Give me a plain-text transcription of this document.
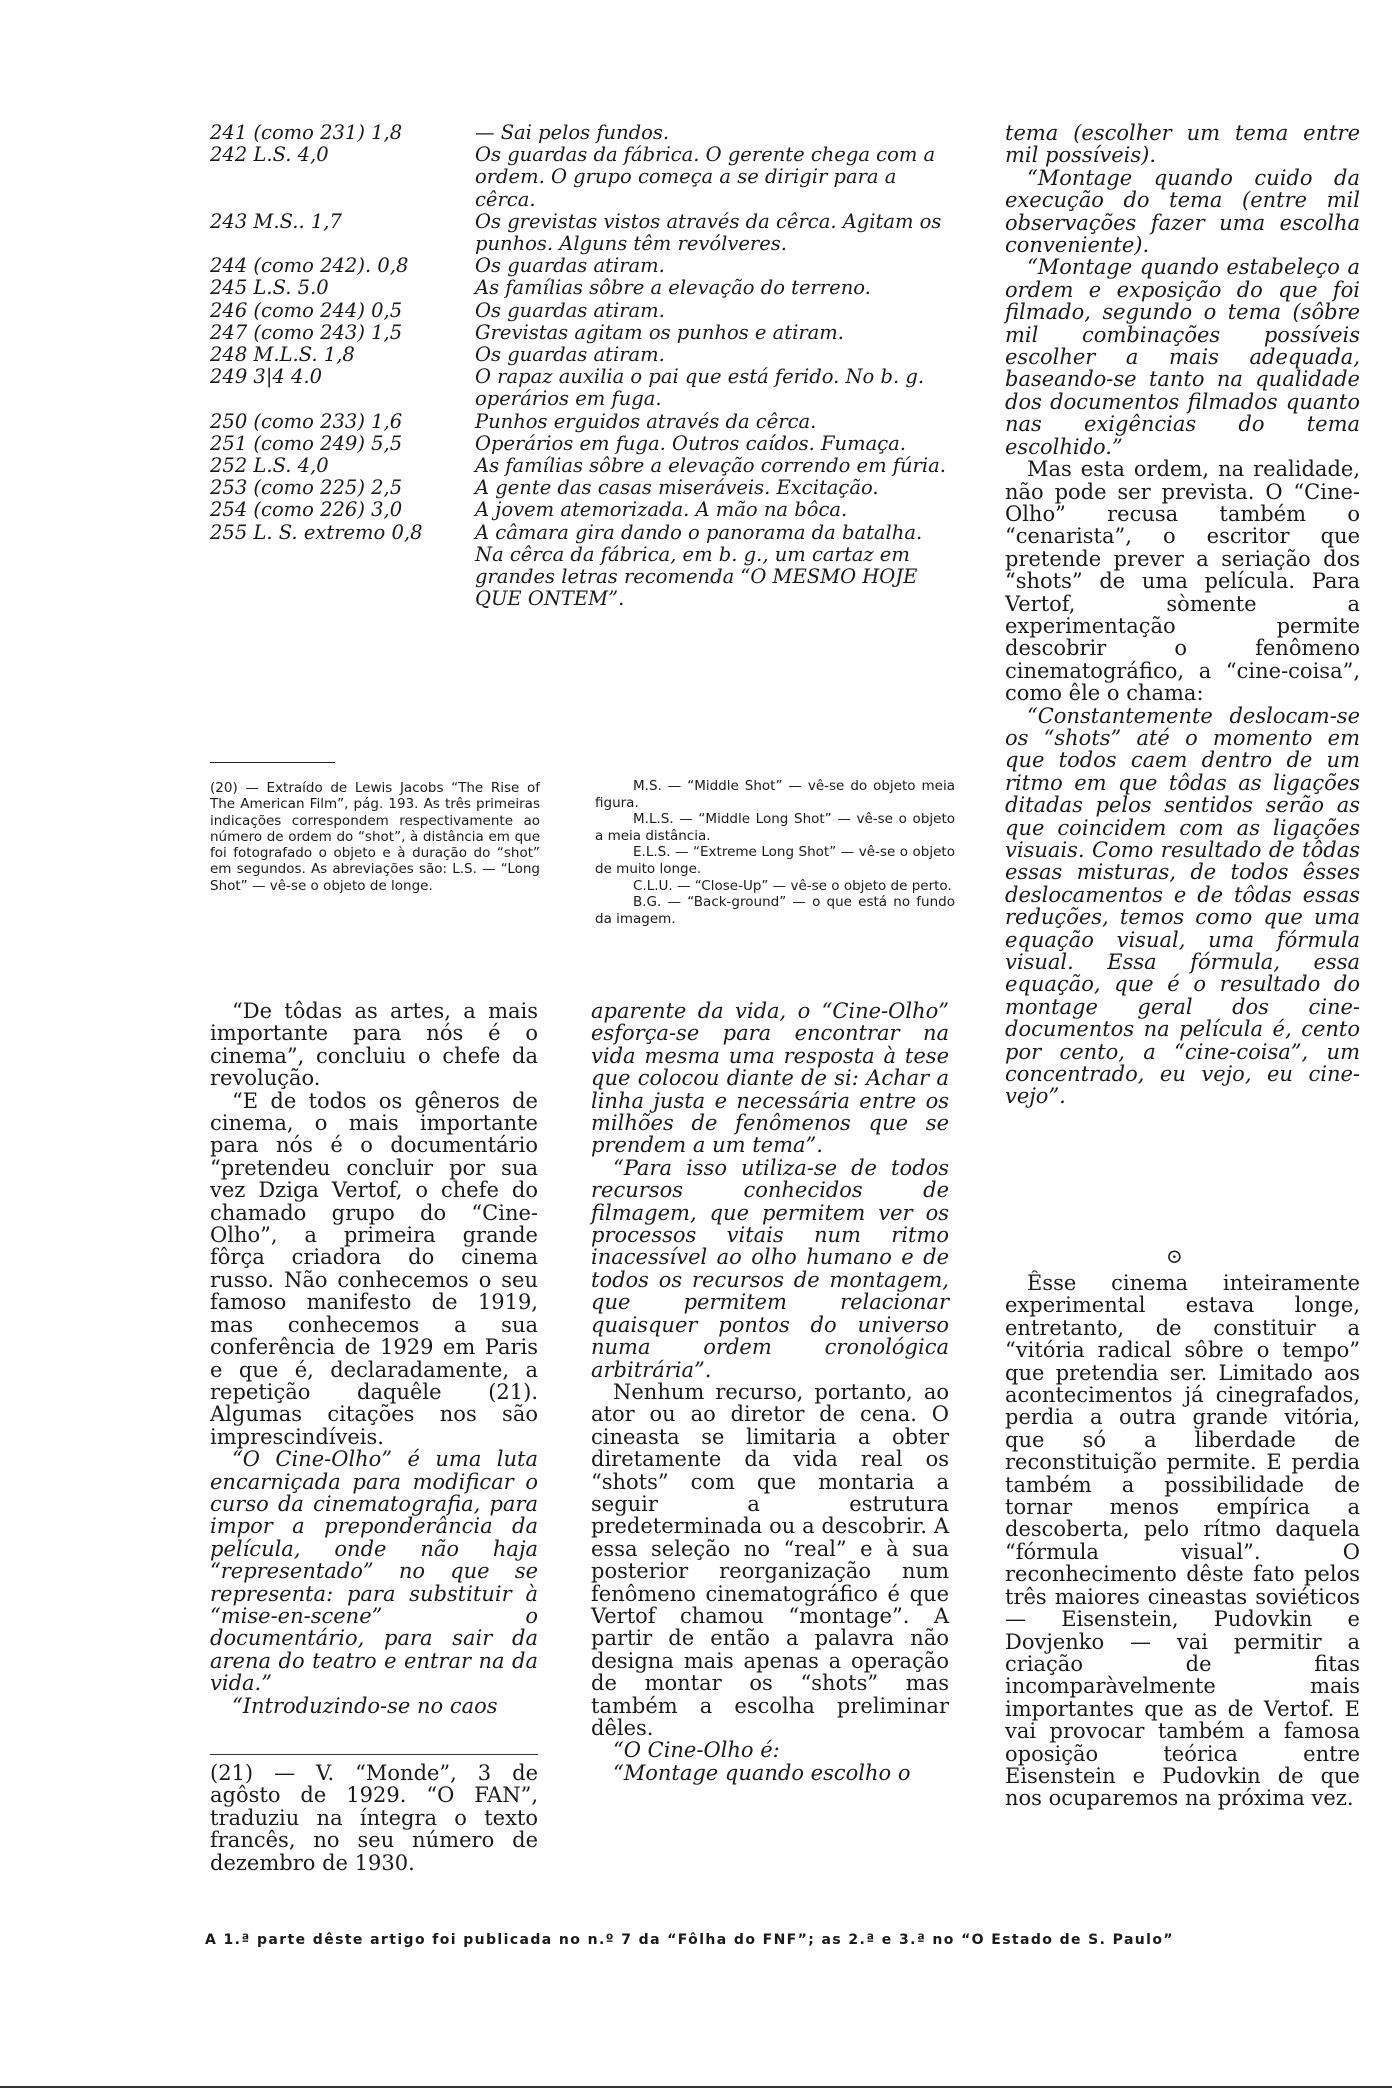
241 (como 231) 1,8	— Sai pelos fundos.
242 L.S. 4,0	Os guardas da fábrica. O gerente chega com a ordem. O grupo começa a se dirigir para a cêrca.
243 M.S.. 1,7	Os grevistas vistos através da cêrca. Agitam os punhos. Alguns têm revólveres.
244 (como 242). 0,8	Os guardas atiram.
245 L.S. 5.0	As famílias sôbre a elevação do terreno.
246 (como 244) 0,5	Os guardas atiram.
247 (como 243) 1,5	Grevistas agitam os punhos e atiram.
248 M.L.S. 1,8	Os guardas atiram.
249 3|4 4.0	O rapaz auxilia o pai que está ferido. No b. g. operários em fuga.
250 (como 233) 1,6	Punhos erguidos através da cêrca.
251 (como 249) 5,5	Operários em fuga. Outros caídos. Fumaça.
252 L.S. 4,0	As famílias sôbre a elevação correndo em fúria.
253 (como 225) 2,5	A gente das casas miseráveis. Excitação.
254 (como 226) 3,0	A jovem atemorizada. A mão na bôca.
255 L. S. extremo 0,8	A câmara gira dando o panorama da batalha. Na cêrca da fábrica, em b. g., um cartaz em grandes letras recomenda “O MESMO HOJE QUE ONTEM”.
(20) — Extraído de Lewis Jacobs “The Rise of The American Film”, pág. 193. As três primeiras indicações correspondem respectivamente ao número de ordem do “shot”, à distância em que foi fotografado o objeto e à duração do “shot” em segundos. As abreviações são: L.S. — “Long Shot” — vê-se o objeto de longe.
M.S. — “Middle Shot” — vê-se do objeto meia figura.
M.L.S. — “Middle Long Shot” — vê-se o objeto a meia distância.
E.L.S. — “Extreme Long Shot” — vê-se o objeto de muito longe.
C.L.U. — “Close-Up” — vê-se o objeto de perto.
B.G. — “Back-ground” — o que está no fundo da imagem.

“De tôdas as artes, a mais importante para nós é o cinema”, concluiu o chefe da revolução.

“E de todos os gêneros de cinema, o mais importante para nós é o documentário “pretendeu concluir por sua vez Dziga Vertof, o chefe do chamado grupo do “Cine-Olho”, a primeira grande fôrça criadora do cinema russo. Não conhecemos o seu famoso manifesto de 1919, mas conhecemos a sua conferência de 1929 em Paris e que é, declaradamente, a repetição daquêle (21). Algumas citações nos são imprescindíveis.

“O Cine-Olho” é uma luta encarniçada para modificar o curso da cinematografia, para impor a preponderância da película, onde não haja “representado” no que se representa: para substituir à “mise-en-scene” o documentário, para sair da arena do teatro e entrar na da vida.”

“Introduzindo-se no caos

(21) — V. “Monde”, 3 de agôsto de 1929. “O FAN”, traduziu na íntegra o texto francês, no seu número de dezembro de 1930.

aparente da vida, o “Cine-Olho” esforça-se para encontrar na vida mesma uma resposta à tese que colocou diante de si: Achar a linha justa e necessária entre os milhões de fenômenos que se prendem a um tema”.

“Para isso utiliza-se de todos recursos conhecidos de filmagem, que permitem ver os processos vitais num ritmo inacessível ao olho humano e de todos os recursos de montagem, que permitem relacionar quaisquer pontos do universo numa ordem cronológica arbitrária”.

Nenhum recurso, portanto, ao ator ou ao diretor de cena. O cineasta se limitaria a obter diretamente da vida real os “shots” com que montaria a seguir a estrutura predeterminada ou a descobrir. A essa seleção no “real” e à sua posterior reorganização num fenômeno cinematográfico é que Vertof chamou “montage”. A partir de então a palavra não designa mais apenas a operação de montar os “shots” mas também a escolha preliminar dêles.

“O Cine-Olho é:

“Montage quando escolho o

tema (escolher um tema entre mil possíveis).

“Montage quando cuido da execução do tema (entre mil observações fazer uma escolha conveniente).

“Montage quando estabeleço a ordem e exposição do que foi filmado, segundo o tema (sôbre mil combinações possíveis escolher a mais adequada, baseando-se tanto na qualidade dos documentos filmados quanto nas exigências do tema escolhido.”

Mas esta ordem, na realidade, não pode ser prevista. O “Cine-Olho” recusa também o “cenarista”, o escritor que pretende prever a seriação dos “shots” de uma película. Para Vertof, sòmente a experimentação permite descobrir o fenômeno cinematográfico, a “cine-coisa”, como êle o chama:

“Constantemente deslocam-se os “shots” até o momento em que todos caem dentro de um ritmo em que tôdas as ligações ditadas pelos sentidos serão as que coincidem com as ligações visuais. Como resultado de tôdas essas misturas, de todos êsses deslocamentos e de tôdas essas reduções, temos como que uma equação visual, uma fórmula visual. Essa fórmula, essa equação, que é o resultado do montage geral dos cine-documentos na película é, cento por cento, a “cine-coisa”, um concentrado, eu vejo, eu cine-vejo”.

⊙

Êsse cinema inteiramente experimental estava longe, entretanto, de constituir a “vitória radical sôbre o tempo” que pretendia ser. Limitado aos acontecimentos já cinegrafados, perdia a outra grande vitória, que só a liberdade de reconstituição permite. E perdia também a possibilidade de tornar menos empírica a descoberta, pelo rítmo daquela “fórmula visual”. O reconhecimento dêste fato pelos três maiores cineastas soviéticos — Eisenstein, Pudovkin e Dovjenko — vai permitir a criação de fitas incomparàvelmente mais importantes que as de Vertof. E vai provocar também a famosa oposição teórica entre Eisenstein e Pudovkin de que nos ocuparemos na próxima vez.

A 1.ª parte dêste artigo foi publicada no n.º 7 da “Fôlha do FNF”; as 2.ª e 3.ª no “O Estado de S. Paulo”
